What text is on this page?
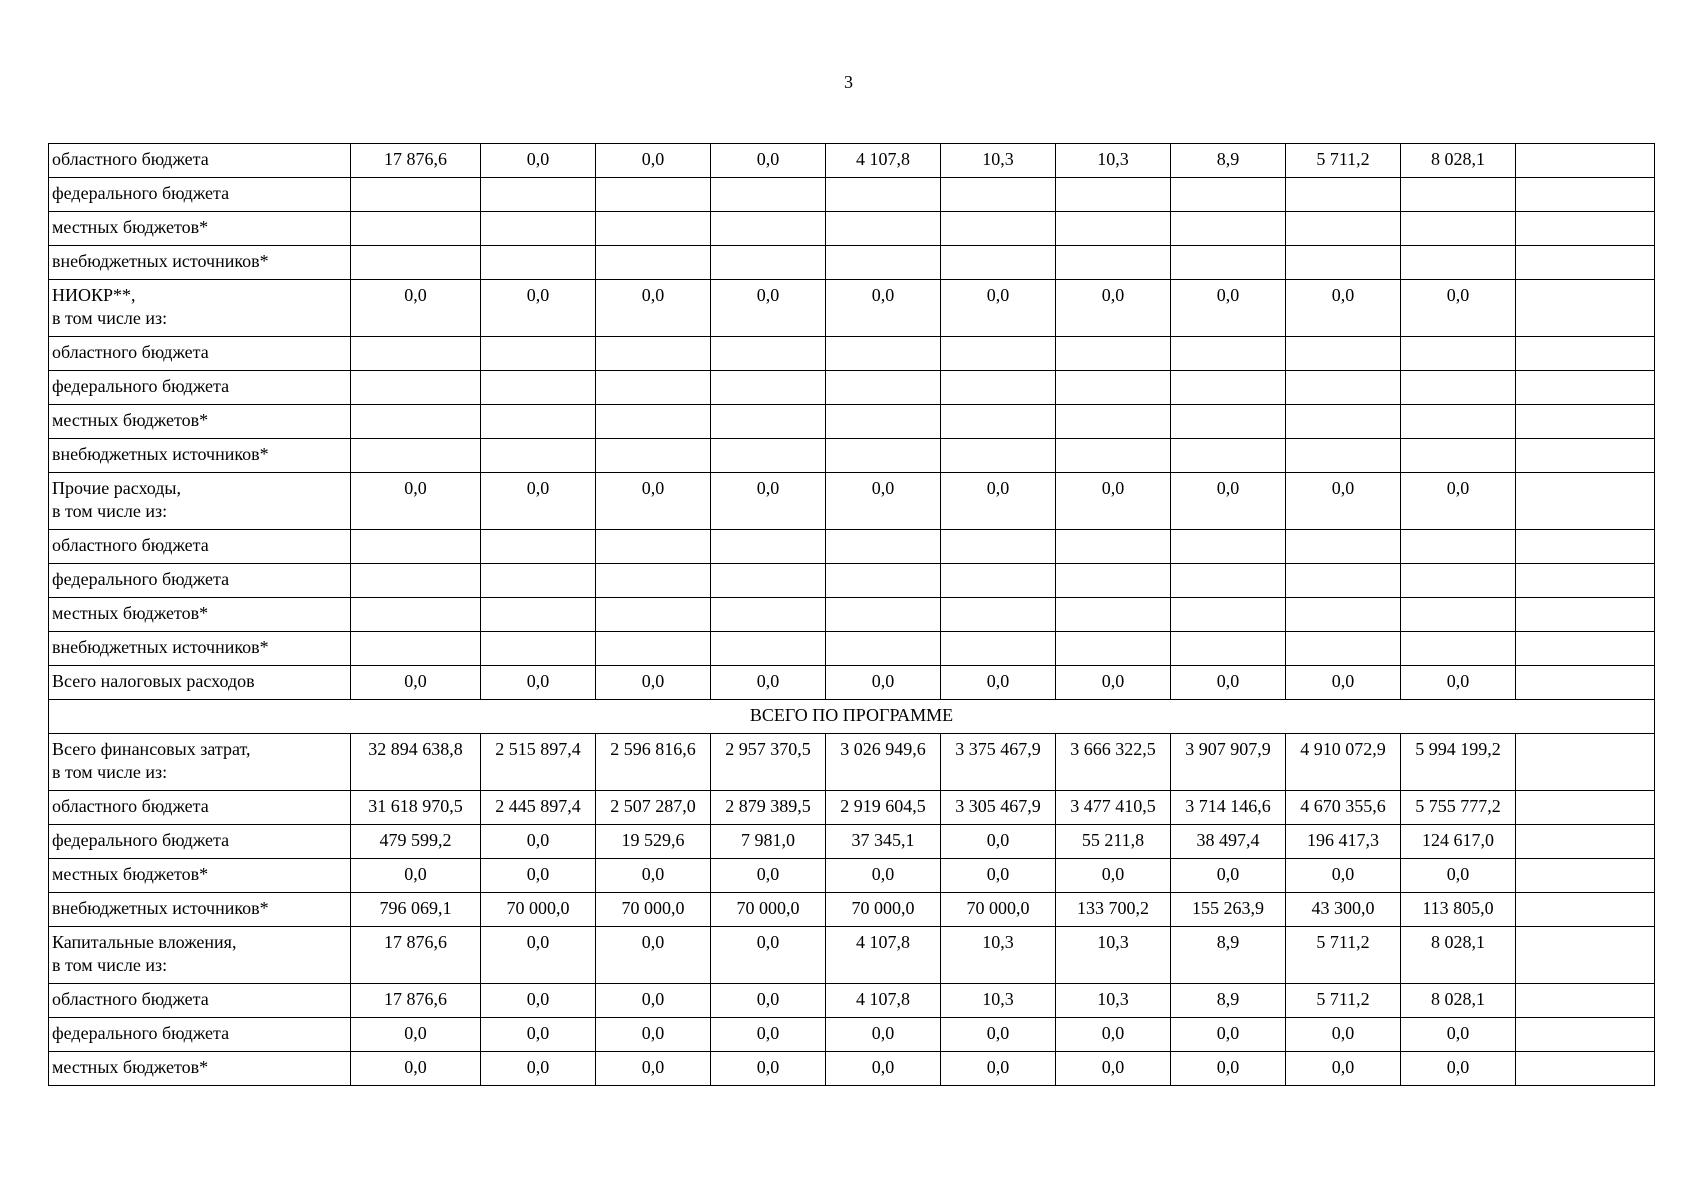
3
областного бюджета	17 876,6	0,0	0,0	0,0	4 107,8	10,3	10,3	8,9	5 711,2	8 028,1	
федерального бюджета											
местных бюджетов*											
внебюджетных источников*											
НИОКР**,
в том числе из:	0,0	0,0	0,0	0,0	0,0	0,0	0,0	0,0	0,0	0,0	
областного бюджета											
федерального бюджета											
местных бюджетов*											
внебюджетных источников*											
Прочие расходы,
в том числе из:	0,0	0,0	0,0	0,0	0,0	0,0	0,0	0,0	0,0	0,0	
областного бюджета											
федерального бюджета											
местных бюджетов*											
внебюджетных источников*											
Всего налоговых расходов	0,0	0,0	0,0	0,0	0,0	0,0	0,0	0,0	0,0	0,0	
ВСЕГО ПО ПРОГРАММЕ											
Всего финансовых затрат,
в том числе из:	32 894 638,8	2 515 897,4	2 596 816,6	2 957 370,5	3 026 949,6	3 375 467,9	3 666 322,5	3 907 907,9	4 910 072,9	5 994 199,2	
областного бюджета	31 618 970,5	2 445 897,4	2 507 287,0	2 879 389,5	2 919 604,5	3 305 467,9	3 477 410,5	3 714 146,6	4 670 355,6	5 755 777,2	
федерального бюджета	479 599,2	0,0	19 529,6	7 981,0	37 345,1	0,0	55 211,8	38 497,4	196 417,3	124 617,0	
местных бюджетов*	0,0	0,0	0,0	0,0	0,0	0,0	0,0	0,0	0,0	0,0	
внебюджетных источников*	796 069,1	70 000,0	70 000,0	70 000,0	70 000,0	70 000,0	133 700,2	155 263,9	43 300,0	113 805,0	
Капитальные вложения,
в том числе из:	17 876,6	0,0	0,0	0,0	4 107,8	10,3	10,3	8,9	5 711,2	8 028,1	
областного бюджета	17 876,6	0,0	0,0	0,0	4 107,8	10,3	10,3	8,9	5 711,2	8 028,1	
федерального бюджета	0,0	0,0	0,0	0,0	0,0	0,0	0,0	0,0	0,0	0,0	
местных бюджетов*	0,0	0,0	0,0	0,0	0,0	0,0	0,0	0,0	0,0	0,0	
